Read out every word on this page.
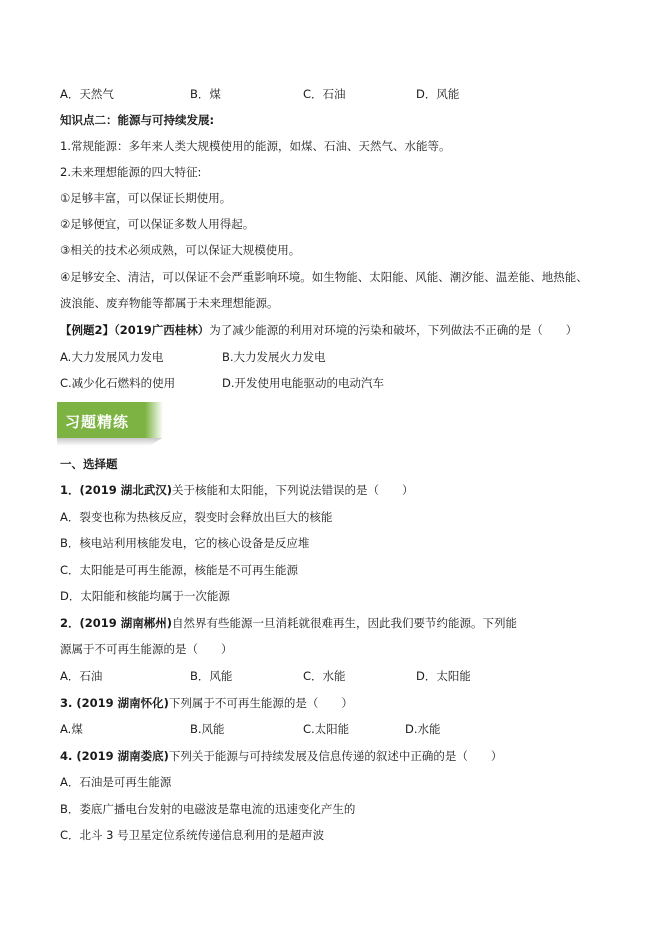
A．天然气	B．煤	C．石油	D．风能
知识点二：能源与可持续发展:
1.常规能源：多年来人类大规模使用的能源，如煤、石油、天然气、水能等。
2.未来理想能源的四大特征:
①足够丰富，可以保证长期使用。
②足够便宜，可以保证多数人用得起。
③相关的技术必须成熟，可以保证大规模使用。
④足够安全、清洁，可以保证不会严重影响环境。如生物能、太阳能、风能、潮汐能、温差能、地热能、
波浪能、废弃物能等都属于未来理想能源。
【例题2】（2019广西桂林）为了减少能源的利用对环境的污染和破坏，下列做法不正确的是（　　）
A.大力发展风力发电	B.大力发展火力发电
C.减少化石燃料的使用	D.开发使用电能驱动的电动汽车
习题精练
一、选择题
1．(2019 湖北武汉)关于核能和太阳能，下列说法错误的是（　　）
A．裂变也称为热核反应，裂变时会释放出巨大的核能
B．核电站利用核能发电，它的核心设备是反应堆
C．太阳能是可再生能源，核能是不可再生能源
D．太阳能和核能均属于一次能源
2．(2019 湖南郴州)自然界有些能源一旦消耗就很难再生，因此我们要节约能源。下列能
源属于不可再生能源的是（　　）
A．石油	B．风能	C．水能	D．太阳能
3. (2019 湖南怀化)下列属于不可再生能源的是（　　）
A.煤	B.风能	C.太阳能	D.水能
4. (2019 湖南娄底)下列关于能源与可持续发展及信息传递的叙述中正确的是（　　）
A．石油是可再生能源
B．娄底广播电台发射的电磁波是靠电流的迅速变化产生的
C．北斗 3 号卫星定位系统传递信息利用的是超声波
